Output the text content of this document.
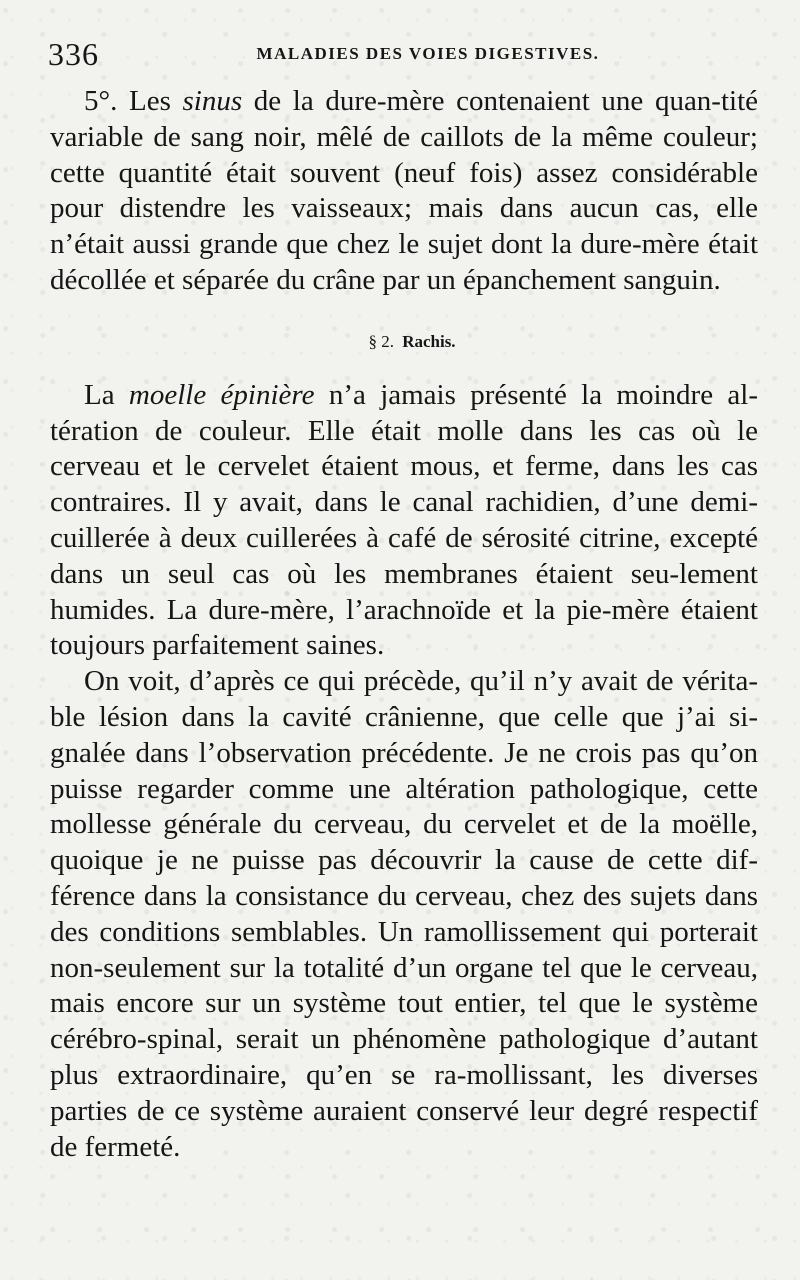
336	MALADIES DES VOIES DIGESTIVES.

5°. Les sinus de la dure-mère contenaient une quan-tité variable de sang noir, mêlé de caillots de la même couleur; cette quantité était souvent (neuf fois) assez considérable pour distendre les vaisseaux; mais dans aucun cas, elle n’était aussi grande que chez le sujet dont la dure-mère était décollée et séparée du crâne par un épanchement sanguin.

§ 2. Rachis.

La moelle épinière n’a jamais présenté la moindre al-tération de couleur. Elle était molle dans les cas où le cerveau et le cervelet étaient mous, et ferme, dans les cas contraires. Il y avait, dans le canal rachidien, d’une demi-cuillerée à deux cuillerées à café de sérosité citrine, excepté dans un seul cas où les membranes étaient seu-lement humides. La dure-mère, l’arachnoïde et la pie-mère étaient toujours parfaitement saines.

On voit, d’après ce qui précède, qu’il n’y avait de vérita-ble lésion dans la cavité crânienne, que celle que j’ai si-gnalée dans l’observation précédente. Je ne crois pas qu’on puisse regarder comme une altération pathologique, cette mollesse générale du cerveau, du cervelet et de la moëlle, quoique je ne puisse pas découvrir la cause de cette dif-férence dans la consistance du cerveau, chez des sujets dans des conditions semblables. Un ramollissement qui porterait non-seulement sur la totalité d’un organe tel que le cerveau, mais encore sur un système tout entier, tel que le système cérébro-spinal, serait un phénomène pathologique d’autant plus extraordinaire, qu’en se ra-mollissant, les diverses parties de ce système auraient conservé leur degré respectif de fermeté.
